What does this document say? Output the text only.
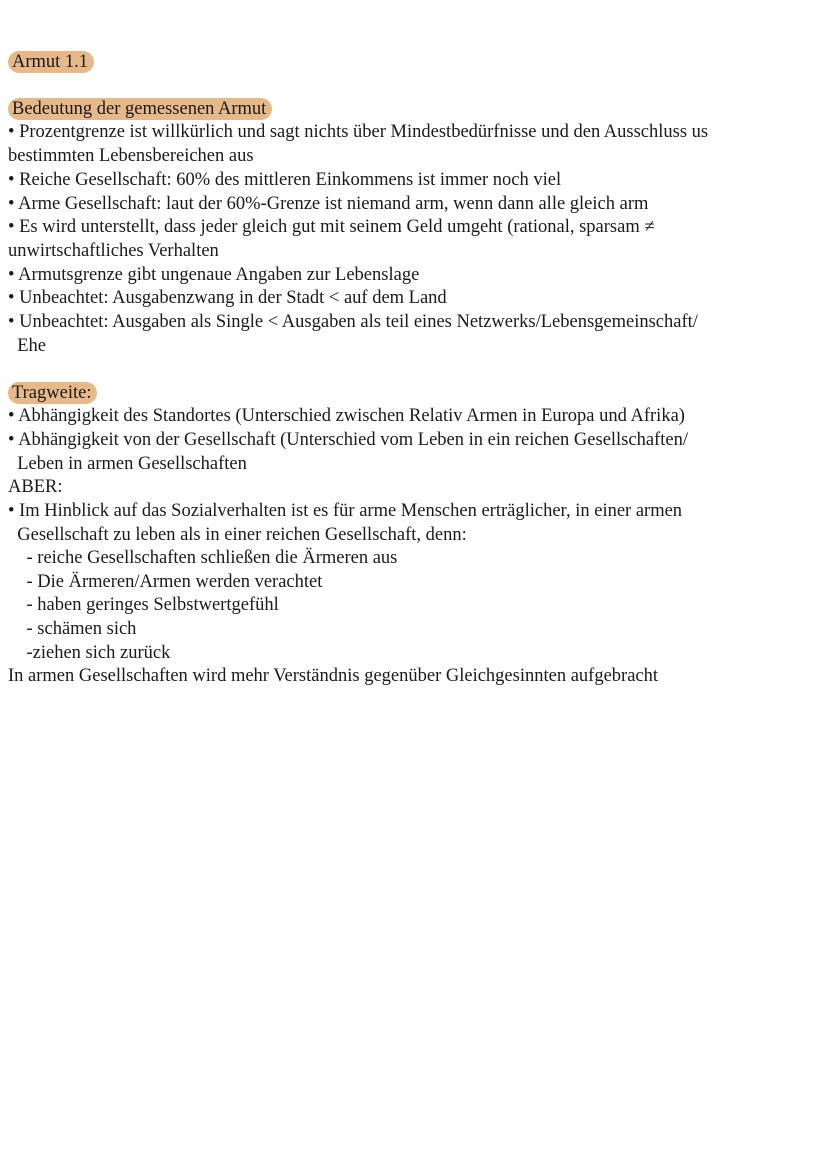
Armut 1.1
Bedeutung der gemessenen Armut
• Prozentgrenze ist willkürlich und sagt nichts über Mindestbedürfnisse und den Ausschluss us
bestimmten Lebensbereichen aus
• Reiche Gesellschaft: 60% des mittleren Einkommens ist immer noch viel
• Arme Gesellschaft: laut der 60%-Grenze ist niemand arm, wenn dann alle gleich arm
• Es wird unterstellt, dass jeder gleich gut mit seinem Geld umgeht (rational, sparsam ≠
unwirtschaftliches Verhalten
• Armutsgrenze gibt ungenaue Angaben zur Lebenslage
• Unbeachtet: Ausgabenzwang in der Stadt < auf dem Land
• Unbeachtet: Ausgaben als Single < Ausgaben als teil eines Netzwerks/Lebensgemeinschaft/
Ehe
Tragweite:
• Abhängigkeit des Standortes (Unterschied zwischen Relativ Armen in Europa und Afrika)
• Abhängigkeit von der Gesellschaft (Unterschied vom Leben in ein reichen Gesellschaften/
Leben in armen Gesellschaften
ABER:
• Im Hinblick auf das Sozialverhalten ist es für arme Menschen erträglicher, in einer armen
Gesellschaft zu leben als in einer reichen Gesellschaft, denn:
- reiche Gesellschaften schließen die Ärmeren aus
- Die Ärmeren/Armen werden verachtet
- haben geringes Selbstwertgefühl
- schämen sich
-ziehen sich zurück
In armen Gesellschaften wird mehr Verständnis gegenüber Gleichgesinnten aufgebracht
